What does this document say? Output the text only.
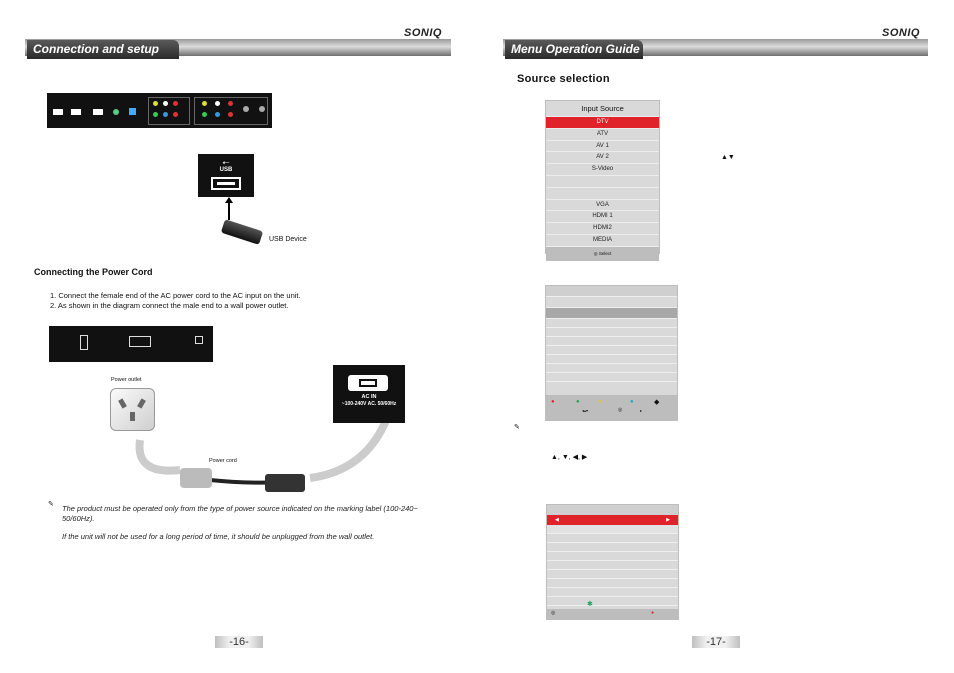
SONIQ
Connection and setup
⭠
USB
USB Device
Connecting the Power Cord
1. Connect the female end of the AC power cord to the AC input on the unit.
2. As shown in the diagram connect the male end to a wall power outlet.
Power outlet
Power cord
AC IN
~100-240V AC. 50/60Hz
✎ The product must be operated only from the type of power source indicated on the marking label (100-240~ 50/60Hz).
If the unit will not be used for a long period of time, it should be unplugged from the wall outlet.
-16-
SONIQ
Menu Operation Guide
Source selection
Input Source
DTV
ATV
AV 1
AV 2
S-Video
VGA
HDMI 1
HDMI2
MEDIA
◎ Select
▲▼
●	●	●	●	◆
◂▴▾	◎	▸
✎
▲, ▼, ◀, ▶
◀	▶
✱
◎	●
-17-
